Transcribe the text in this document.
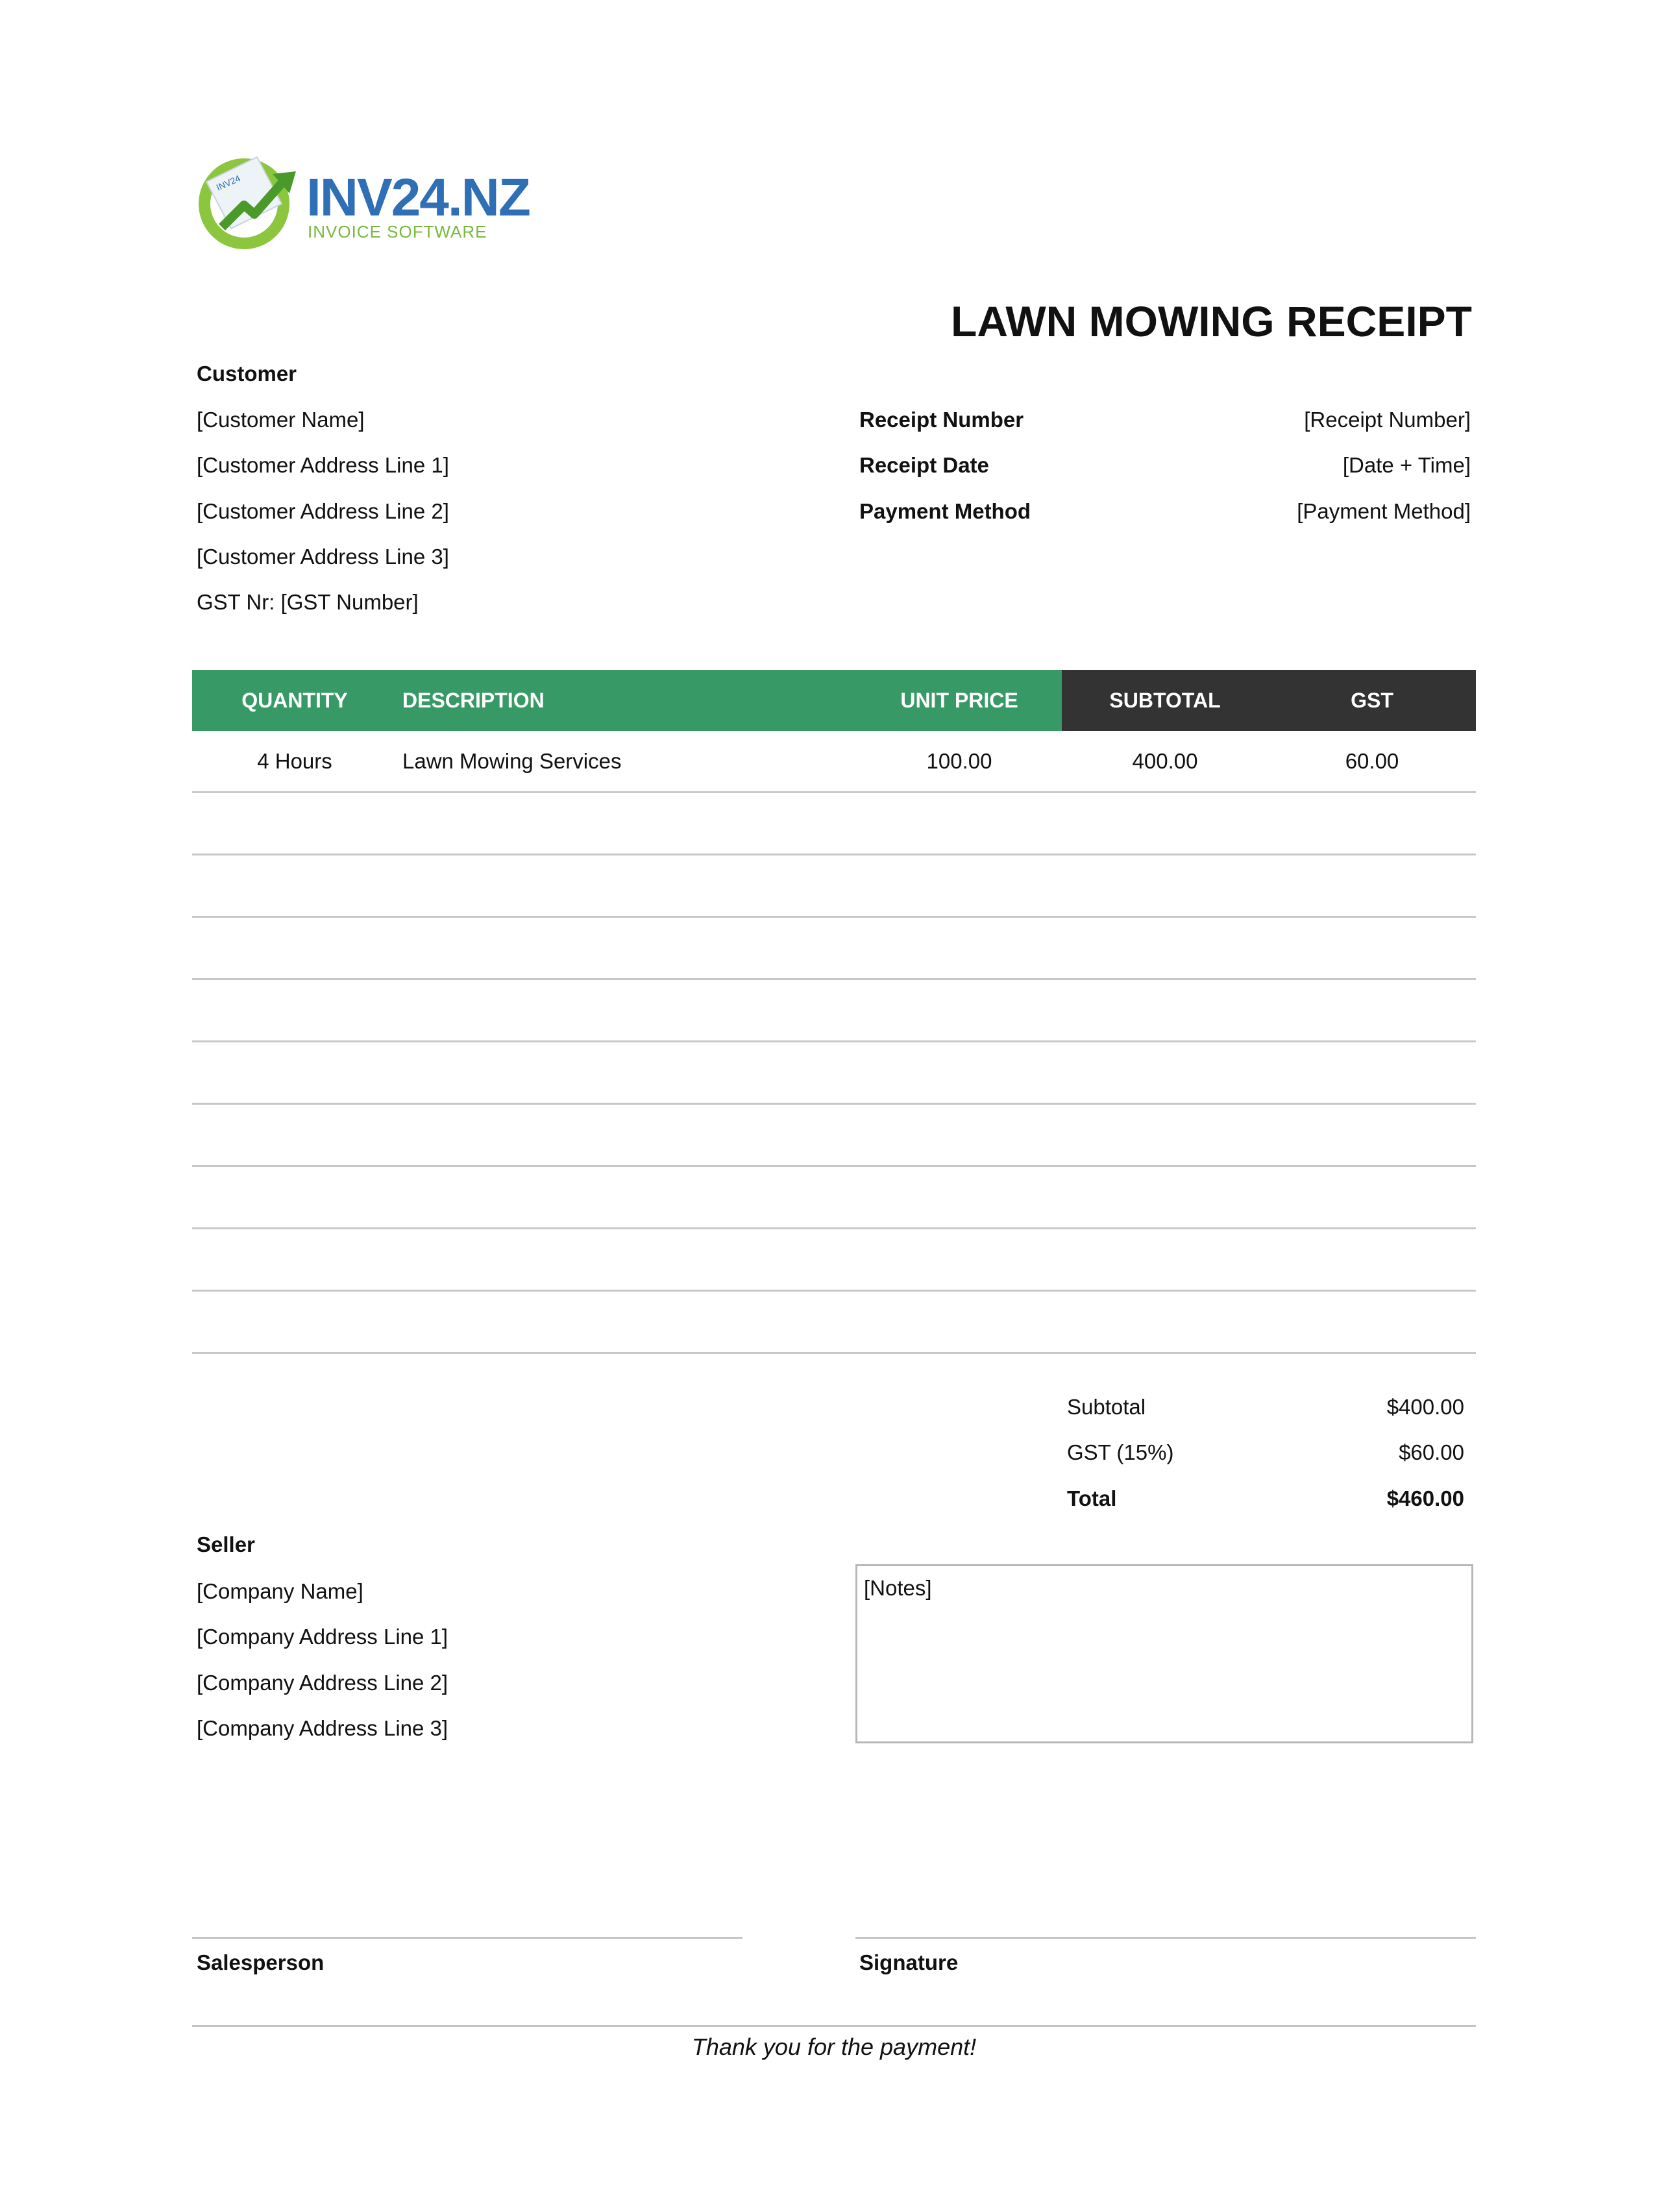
INV24 INV24.NZ
INVOICE SOFTWARE
LAWN MOWING RECEIPT
Customer
[Customer Name]
[Customer Address Line 1]
[Customer Address Line 2]
[Customer Address Line 3]
GST Nr: [GST Number]
Receipt Number	[Receipt Number]
Receipt Date	[Date + Time]
Payment Method	[Payment Method]
QUANTITY	DESCRIPTION	UNIT PRICE	SUBTOTAL	GST
4 Hours	Lawn Mowing Services	100.00	400.00	60.00
Subtotal	$400.00
GST (15%)	$60.00
Total	$460.00
Seller
[Company Name]
[Company Address Line 1]
[Company Address Line 2]
[Company Address Line 3]
[Notes]
Salesperson	Signature
Thank you for the payment!
